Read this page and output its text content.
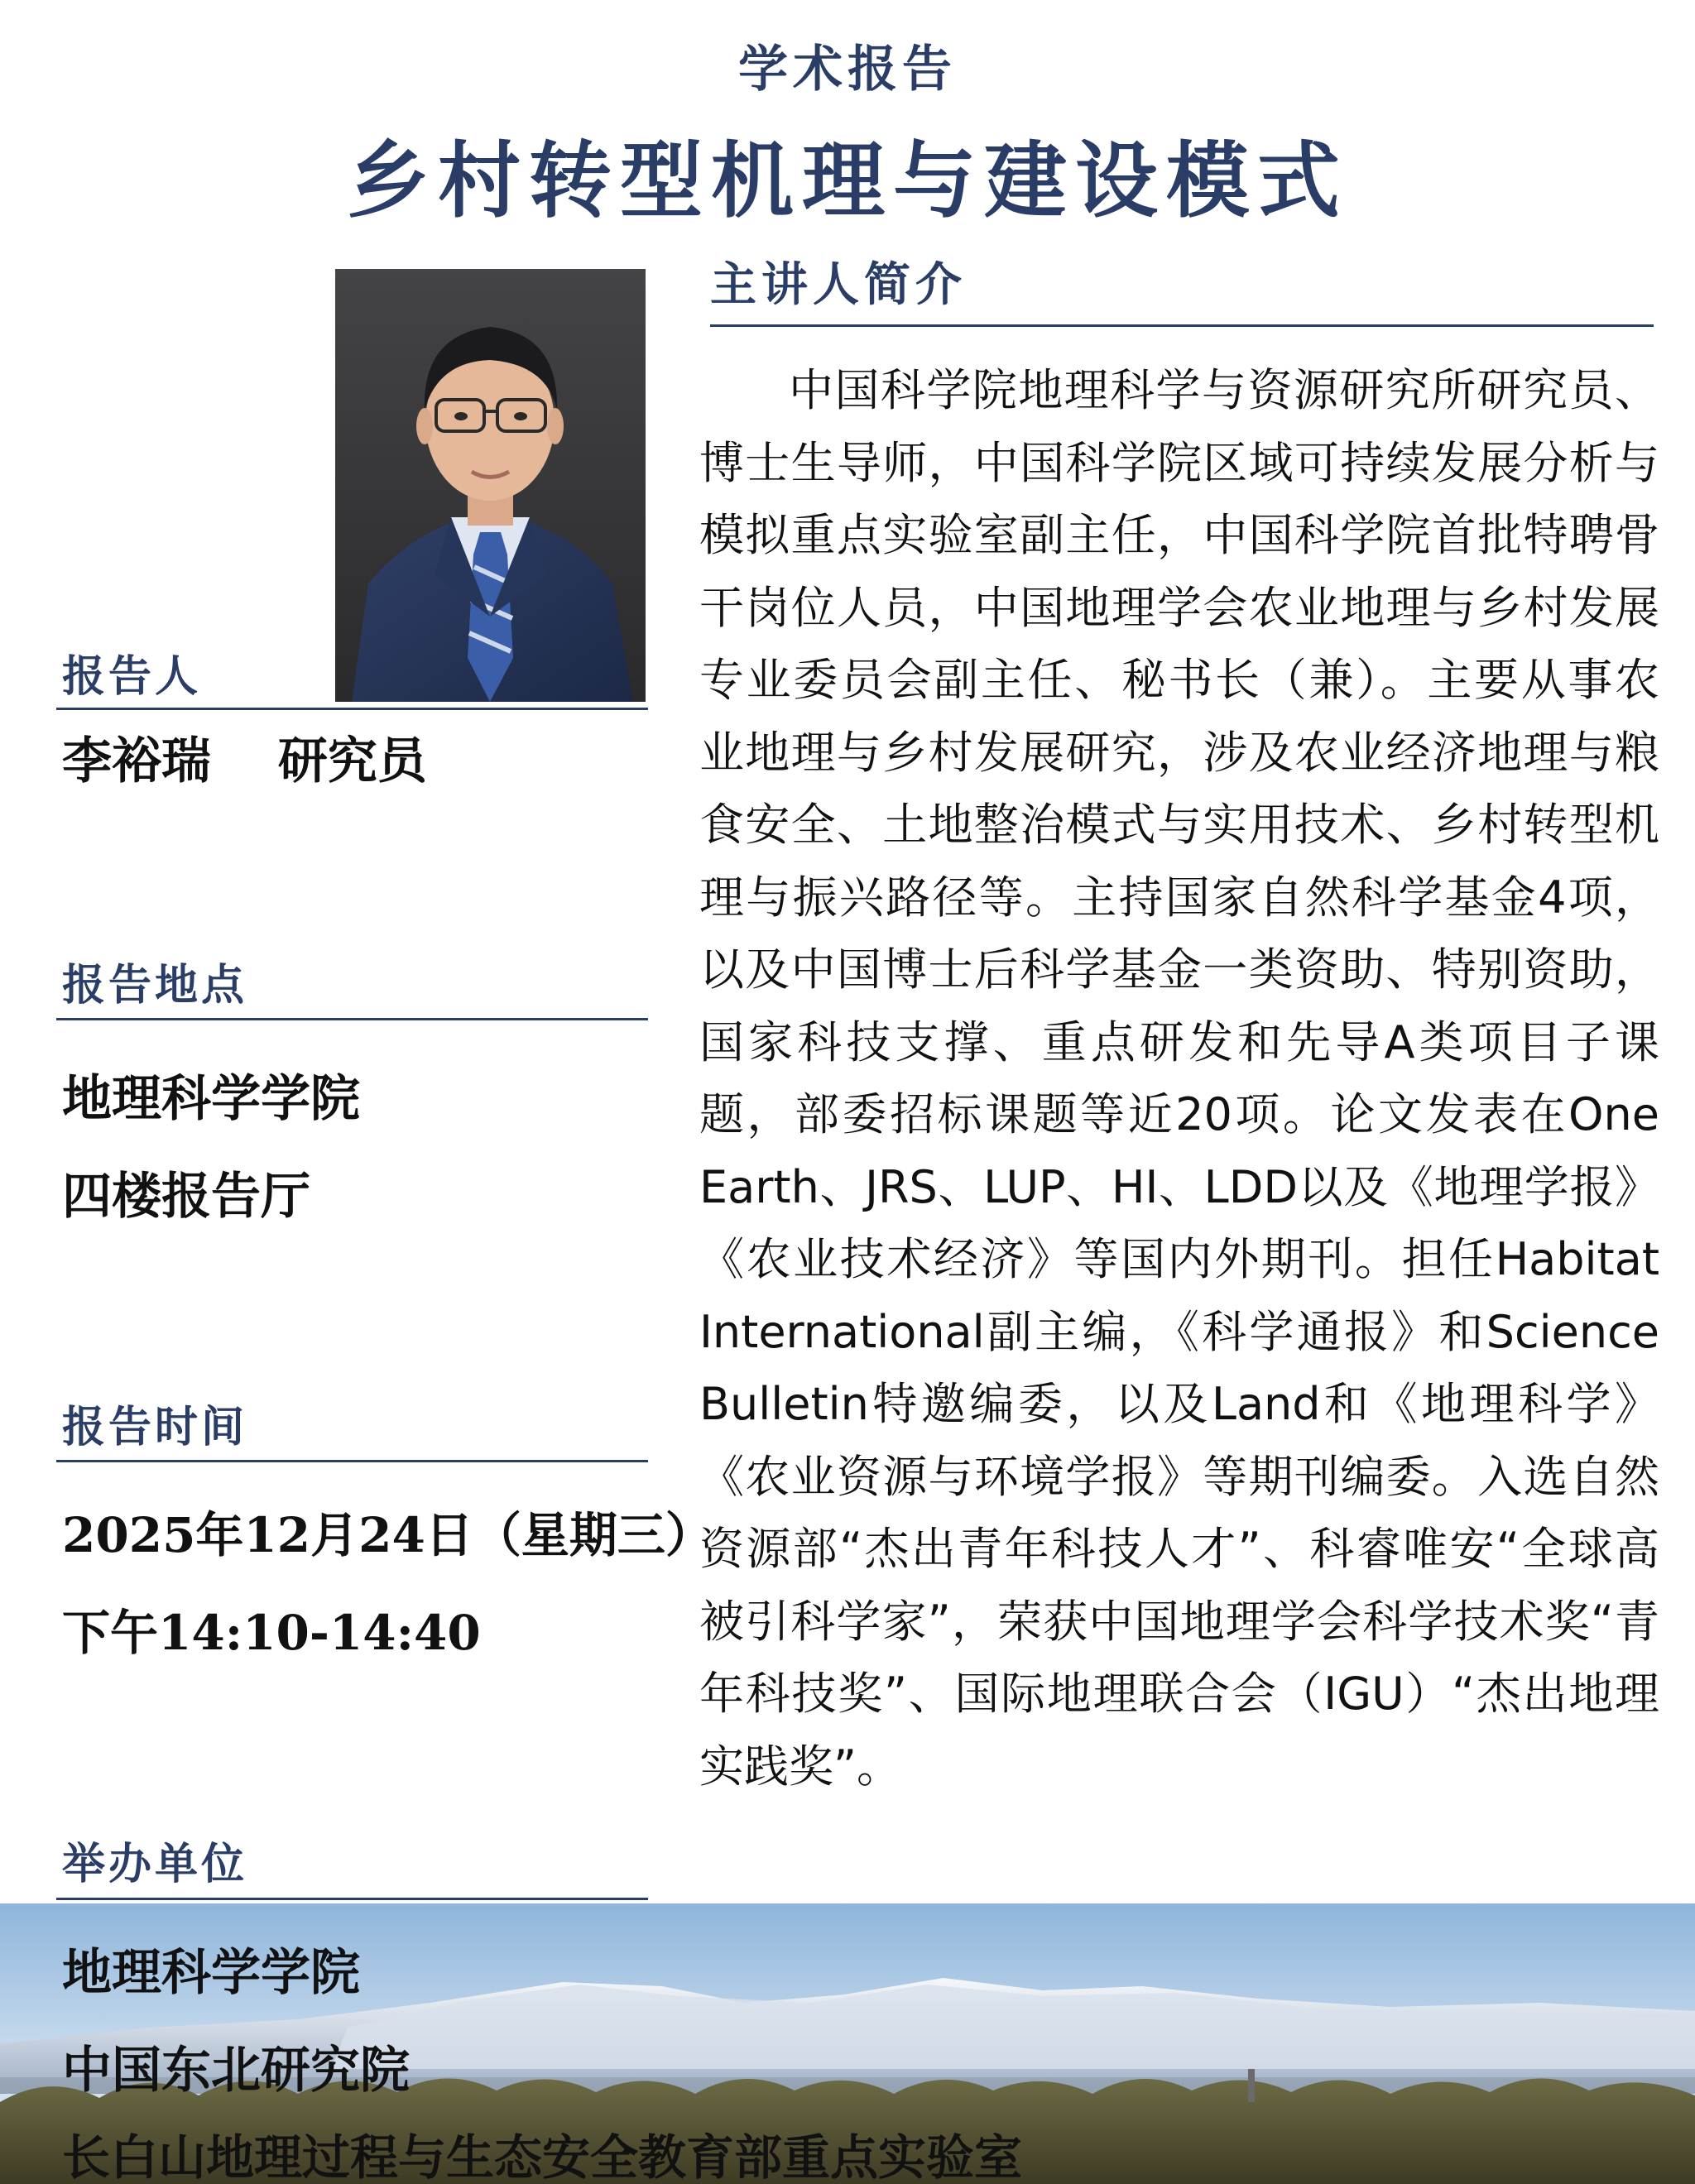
学术报告
乡村转型机理与建设模式
报告人
李裕瑞　 研究员
报告地点
地理科学学院
四楼报告厅
报告时间
2025年12月24日（星期三）
下午14:10-14:40
举办单位
主讲人简介
中国科学院地理科学与资源研究所研究员、博士生导师，中国科学院区域可持续发展分析与模拟重点实验室副主任，中国科学院首批特聘骨干岗位人员，中国地理学会农业地理与乡村发展专业委员会副主任、秘书长（兼）。主要从事农业地理与乡村发展研究，涉及农业经济地理与粮食安全、土地整治模式与实用技术、乡村转型机理与振兴路径等。主持国家自然科学基金4项，以及中国博士后科学基金一类资助、特别资助，国家科技支撑、重点研发和先导A类项目子课题，部委招标课题等近20项。论文发表在One Earth、JRS、LUP、HI、LDD以及《地理学报》《农业技术经济》等国内外期刊。担任Habitat International副主编，《科学通报》和Science Bulletin特邀编委，以及Land和《地理科学》《农业资源与环境学报》等期刊编委。入选自然资源部“杰出青年科技人才”、科睿唯安“全球高被引科学家”，荣获中国地理学会科学技术奖“青年科技奖”、国际地理联合会（IGU）“杰出地理实践奖”。
地理科学学院
中国东北研究院
长白山地理过程与生态安全教育部重点实验室
